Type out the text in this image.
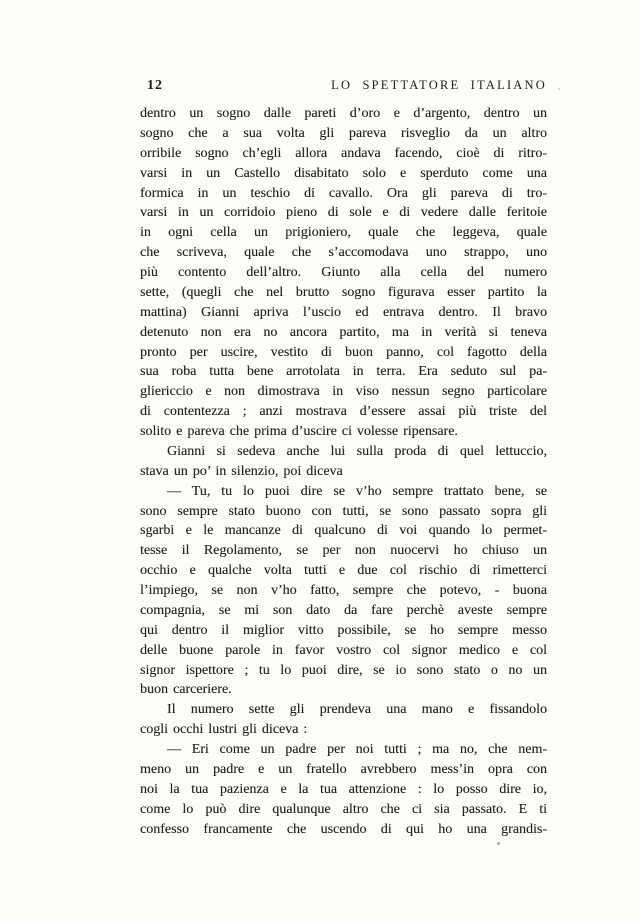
12	LO SPETTATORE ITALIANO
dentro un sogno dalle pareti d’oro e d’argento, dentro un
sogno che a sua volta gli pareva risveglio da un altro
orribile sogno ch’egli allora andava facendo, cioè di ritro-
varsi in un Castello disabitato solo e sperduto come una
formica in un teschio di cavallo. Ora gli pareva di tro-
varsi in un corridoio pieno di sole e di vedere dalle feritoie
in ogni cella un prigioniero, quale che leggeva, quale
che scriveva, quale che s’accomodava uno strappo, uno
più contento dell’altro. Giunto alla cella del numero
sette, (quegli che nel brutto sogno figurava esser partito la
mattina) Gianni apriva l’uscio ed entrava dentro. Il bravo
detenuto non era no ancora partito, ma in verità si teneva
pronto per uscire, vestito di buon panno, col fagotto della
sua roba tutta bene arrotolata in terra. Era seduto sul pa-
gliericcio e non dimostrava in viso nessun segno particolare
di contentezza ; anzi mostrava d’essere assai più triste del
solito e pareva che prima d’uscire ci volesse ripensare.
Gianni si sedeva anche lui sulla proda di quel lettuccio,
stava un po’ in silenzio, poi diceva
— Tu, tu lo puoi dire se v’ho sempre trattato bene, se
sono sempre stato buono con tutti, se sono passato sopra gli
sgarbi e le mancanze di qualcuno di voi quando lo permet-
tesse il Regolamento, se per non nuocervi ho chiuso un
occhio e qualche volta tutti e due col rischio di rimetterci
l’impiego, se non v’ho fatto, sempre che potevo, - buona
compagnia, se mi son dato da fare perchè aveste sempre
qui dentro il miglior vitto possibile, se ho sempre messo
delle buone parole in favor vostro col signor medico e col
signor ispettore ; tu lo puoi dire, se io sono stato o no un
buon carceriere.
Il numero sette gli prendeva una mano e fissandolo
cogli occhi lustri gli diceva :
— Eri come un padre per noi tutti ; ma no, che nem-
meno un padre e un fratello avrebbero mess’in opra con
noi la tua pazienza e la tua attenzione : lo posso dire io,
come lo può dire qualunque altro che ci sia passato. E ti
confesso francamente che uscendo di qui ho una grandis-
